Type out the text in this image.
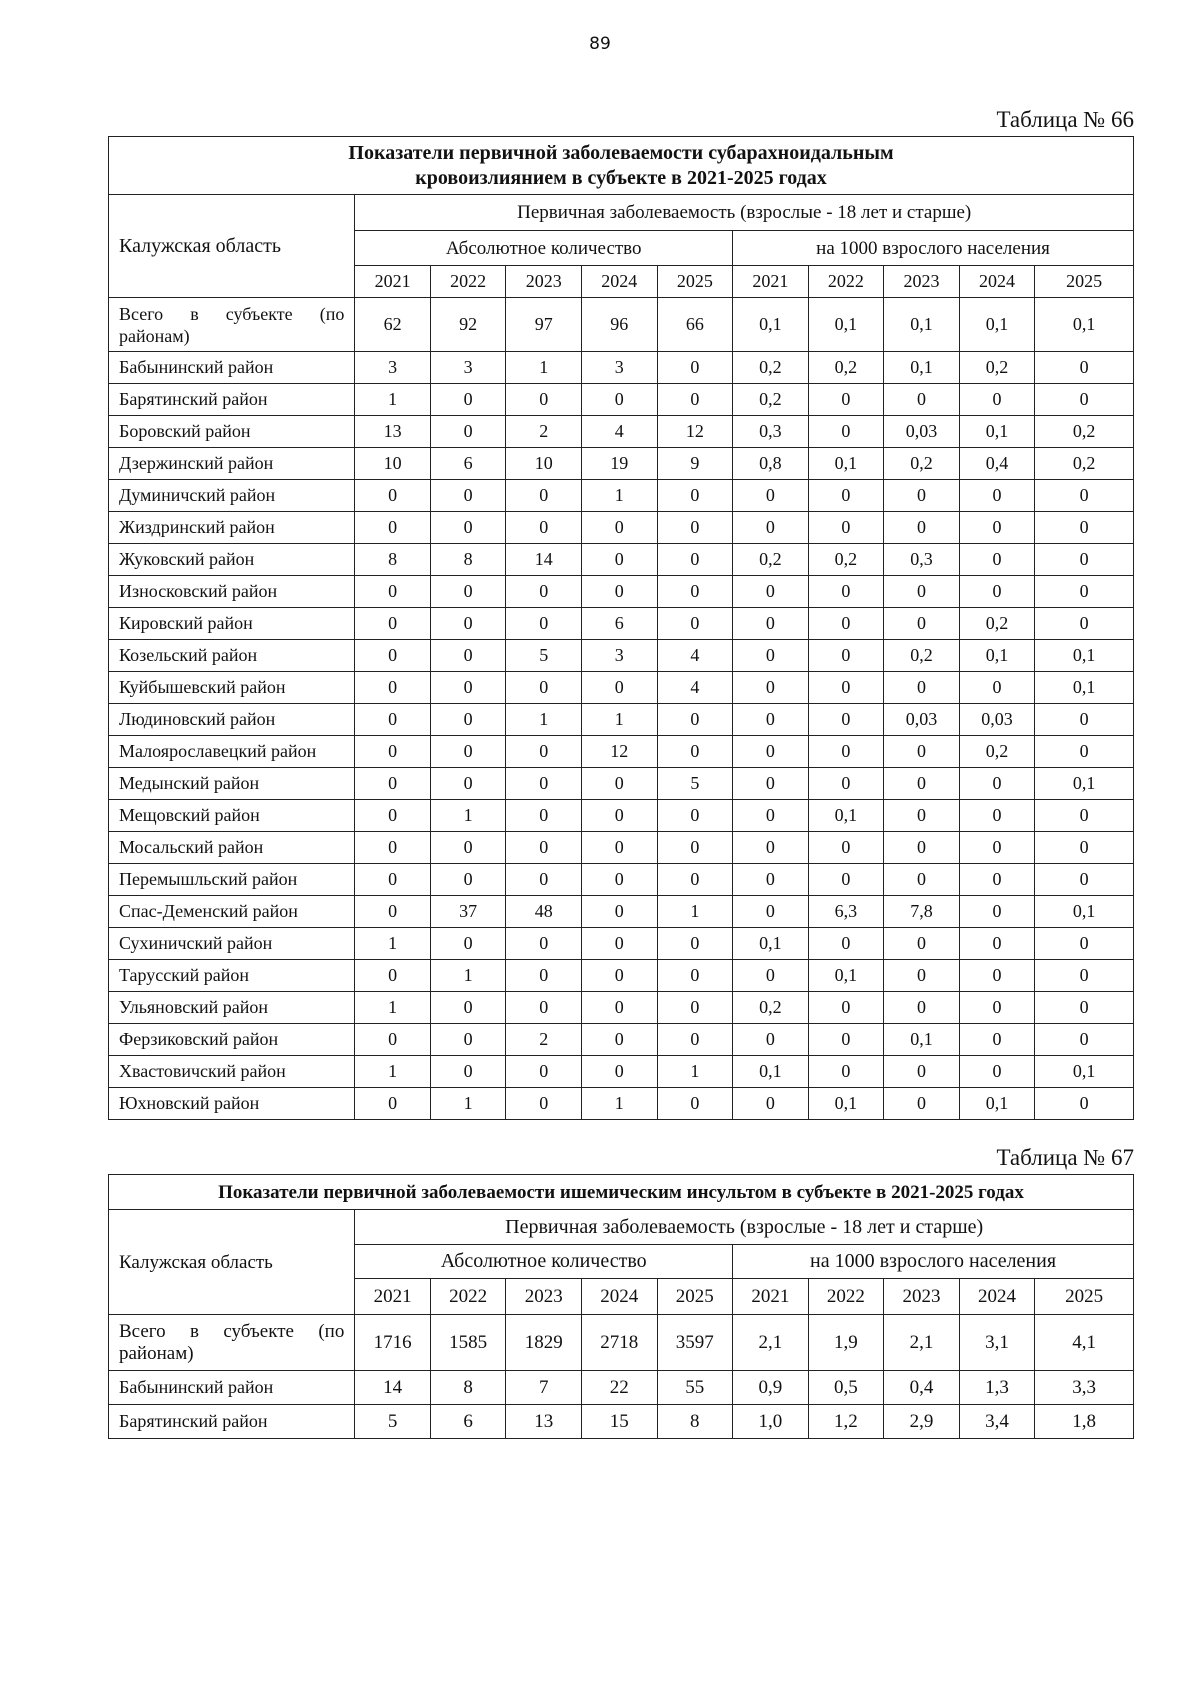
89
Таблица № 66
Показатели первичной заболеваемости субарахноидальным
кровоизлиянием в субъекте в 2021-2025 годах										

Калужская область	Первичная заболеваемость (взрослые - 18 лет и старше)									
	Абсолютное количество					на 1000 взрослого населения				
	2021	2022	2023	2024	2025	2021	2022	2023	2024	2025
Всего в субъекте (по районам)	62	92	97	96	66	0,1	0,1	0,1	0,1	0,1
Бабынинский район	3	3	1	3	0	0,2	0,2	0,1	0,2	0
Барятинский район	1	0	0	0	0	0,2	0	0	0	0
Боровский район	13	0	2	4	12	0,3	0	0,03	0,1	0,2
Дзержинский район	10	6	10	19	9	0,8	0,1	0,2	0,4	0,2
Думиничский район	0	0	0	1	0	0	0	0	0	0
Жиздринский район	0	0	0	0	0	0	0	0	0	0
Жуковский район	8	8	14	0	0	0,2	0,2	0,3	0	0
Износковский район	0	0	0	0	0	0	0	0	0	0
Кировский район	0	0	0	6	0	0	0	0	0,2	0
Козельский район	0	0	5	3	4	0	0	0,2	0,1	0,1
Куйбышевский район	0	0	0	0	4	0	0	0	0	0,1
Людиновский район	0	0	1	1	0	0	0	0,03	0,03	0
Малоярославецкий район	0	0	0	12	0	0	0	0	0,2	0
Медынский район	0	0	0	0	5	0	0	0	0	0,1
Мещовский район	0	1	0	0	0	0	0,1	0	0	0
Мосальский район	0	0	0	0	0	0	0	0	0	0
Перемышльский район	0	0	0	0	0	0	0	0	0	0
Спас-Деменский район	0	37	48	0	1	0	6,3	7,8	0	0,1
Сухиничский район	1	0	0	0	0	0,1	0	0	0	0
Тарусский район	0	1	0	0	0	0	0,1	0	0	0
Ульяновский район	1	0	0	0	0	0,2	0	0	0	0
Ферзиковский район	0	0	2	0	0	0	0	0,1	0	0
Хвастовичский район	1	0	0	0	1	0,1	0	0	0	0,1
Юхновский район	0	1	0	1	0	0	0,1	0	0,1	0
Таблица № 67
Показатели первичной заболеваемости ишемическим инсультом в субъекте в 2021-2025 годах										
Калужская область	Первичная заболеваемость (взрослые - 18 лет и старше)									
	Абсолютное количество					на 1000 взрослого населения				
	2021	2022	2023	2024	2025	2021	2022	2023	2024	2025
Всего в субъекте (по районам)	1716	1585	1829	2718	3597	2,1	1,9	2,1	3,1	4,1
Бабынинский район	14	8	7	22	55	0,9	0,5	0,4	1,3	3,3
Барятинский район	5	6	13	15	8	1,0	1,2	2,9	3,4	1,8
